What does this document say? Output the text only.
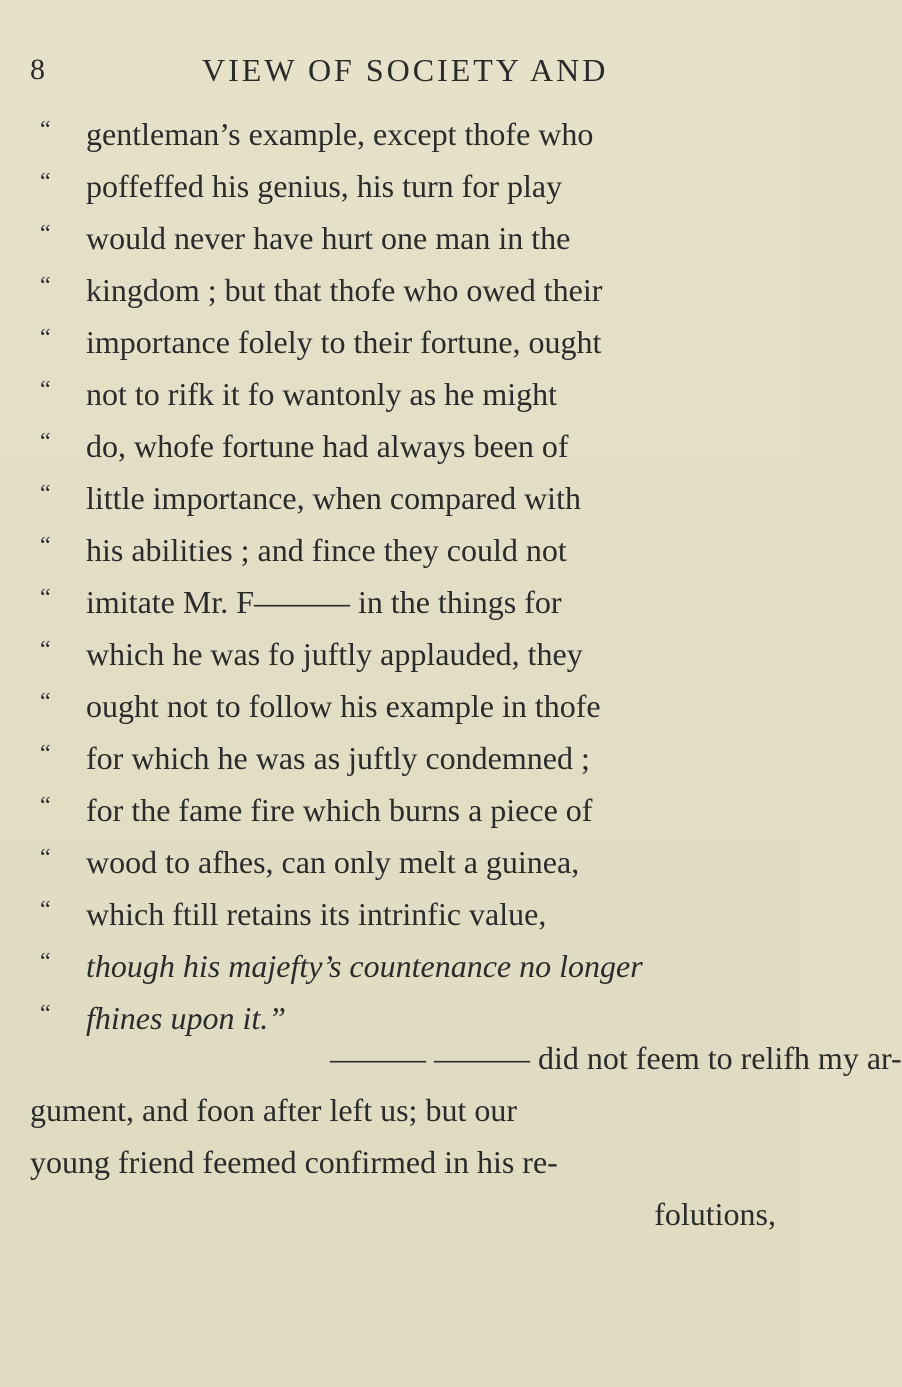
8	VIEW OF SOCIETY AND
“	gentleman’s example, except thofe who
“	poffeffed his genius, his turn for play
“	would never have hurt one man in the
“	kingdom ; but that thofe who owed their
“	importance folely to their fortune, ought
“	not to rifk it fo wantonly as he might
“	do, whofe fortune had always been of
“	little importance, when compared with
“	his abilities ; and fince they could not
“	imitate Mr. F——— in the things for
“	which he was fo juftly applauded, they
“	ought not to follow his example in thofe
“	for which he was as juftly condemned ;
“	for the fame fire which burns a piece of
“	wood to afhes, can only melt a guinea,
“	which ftill retains its intrinfic value,
“	though his majefty’s countenance no longer
“	fhines upon it.”
——— ——— did not feem to relifh my ar-
gument, and foon after left us; but our
young friend feemed confirmed in his re-
folutions,
